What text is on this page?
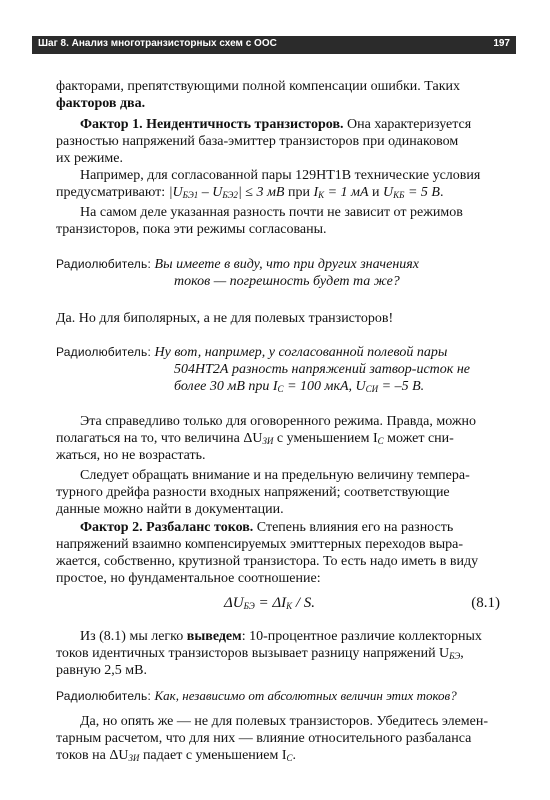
Шаг 8. Анализ многотранзисторных схем с ООС	197
факторами, препятствующими полной компенсации ошибки. Таких
факторов два.
Фактор 1. Неидентичность транзисторов. Она характеризуется
разностью напряжений база-эмиттер транзисторов при одинаковом
их режиме.
Например, для согласованной пары 129НТ1В технические условия
предусматривают: $|U_{БЭ1} - U_{БЭ2}| \le 3$ мВ при $I_К = 1$ мА и $U_{КБ} = 5$ В.
На самом деле указанная разность почти не зависит от режимов
транзисторов, пока эти режимы согласованы.
Радиолюбитель: Вы имеете в виду, что при других значениях
токов — погрешность будет та же?
Да. Но для биполярных, а не для полевых транзисторов!
Радиолюбитель: Ну вот, например, у согласованной полевой пары
504НТ2А разность напряжений затвор-исток не
более 30 мВ при $I_С = 100$ мкА, $U_{СИ} = -5$ В.
Эта справедливо только для оговоренного режима. Правда, можно
полагаться на то, что величина $\Delta U_{ЗИ}$ с уменьшением $I_С$ может сни-
жаться, но не возрастать.
Следует обращать внимание и на предельную величину темпера-
турного дрейфа разности входных напряжений; соответствующие
данные можно найти в документации.
Фактор 2. Разбаланс токов. Степень влияния его на разность
напряжений взаимно компенсируемых эмиттерных переходов выра-
жается, собственно, крутизной транзистора. То есть надо иметь в виду
простое, но фундаментальное соотношение:
$\Delta U_{БЭ} = \Delta I_К / S$.	(8.1)
Из (8.1) мы легко выведем: 10-процентное различие коллекторных
токов идентичных транзисторов вызывает разницу напряжений $U_{БЭ}$,
равную 2,5 мВ.
Радиолюбитель: Как, независимо от абсолютных величин этих токов?
Да, но опять же — не для полевых транзисторов. Убедитесь элемен-
тарным расчетом, что для них — влияние относительного разбаланса
токов на $\Delta U_{ЗИ}$ падает с уменьшением $I_С$.
